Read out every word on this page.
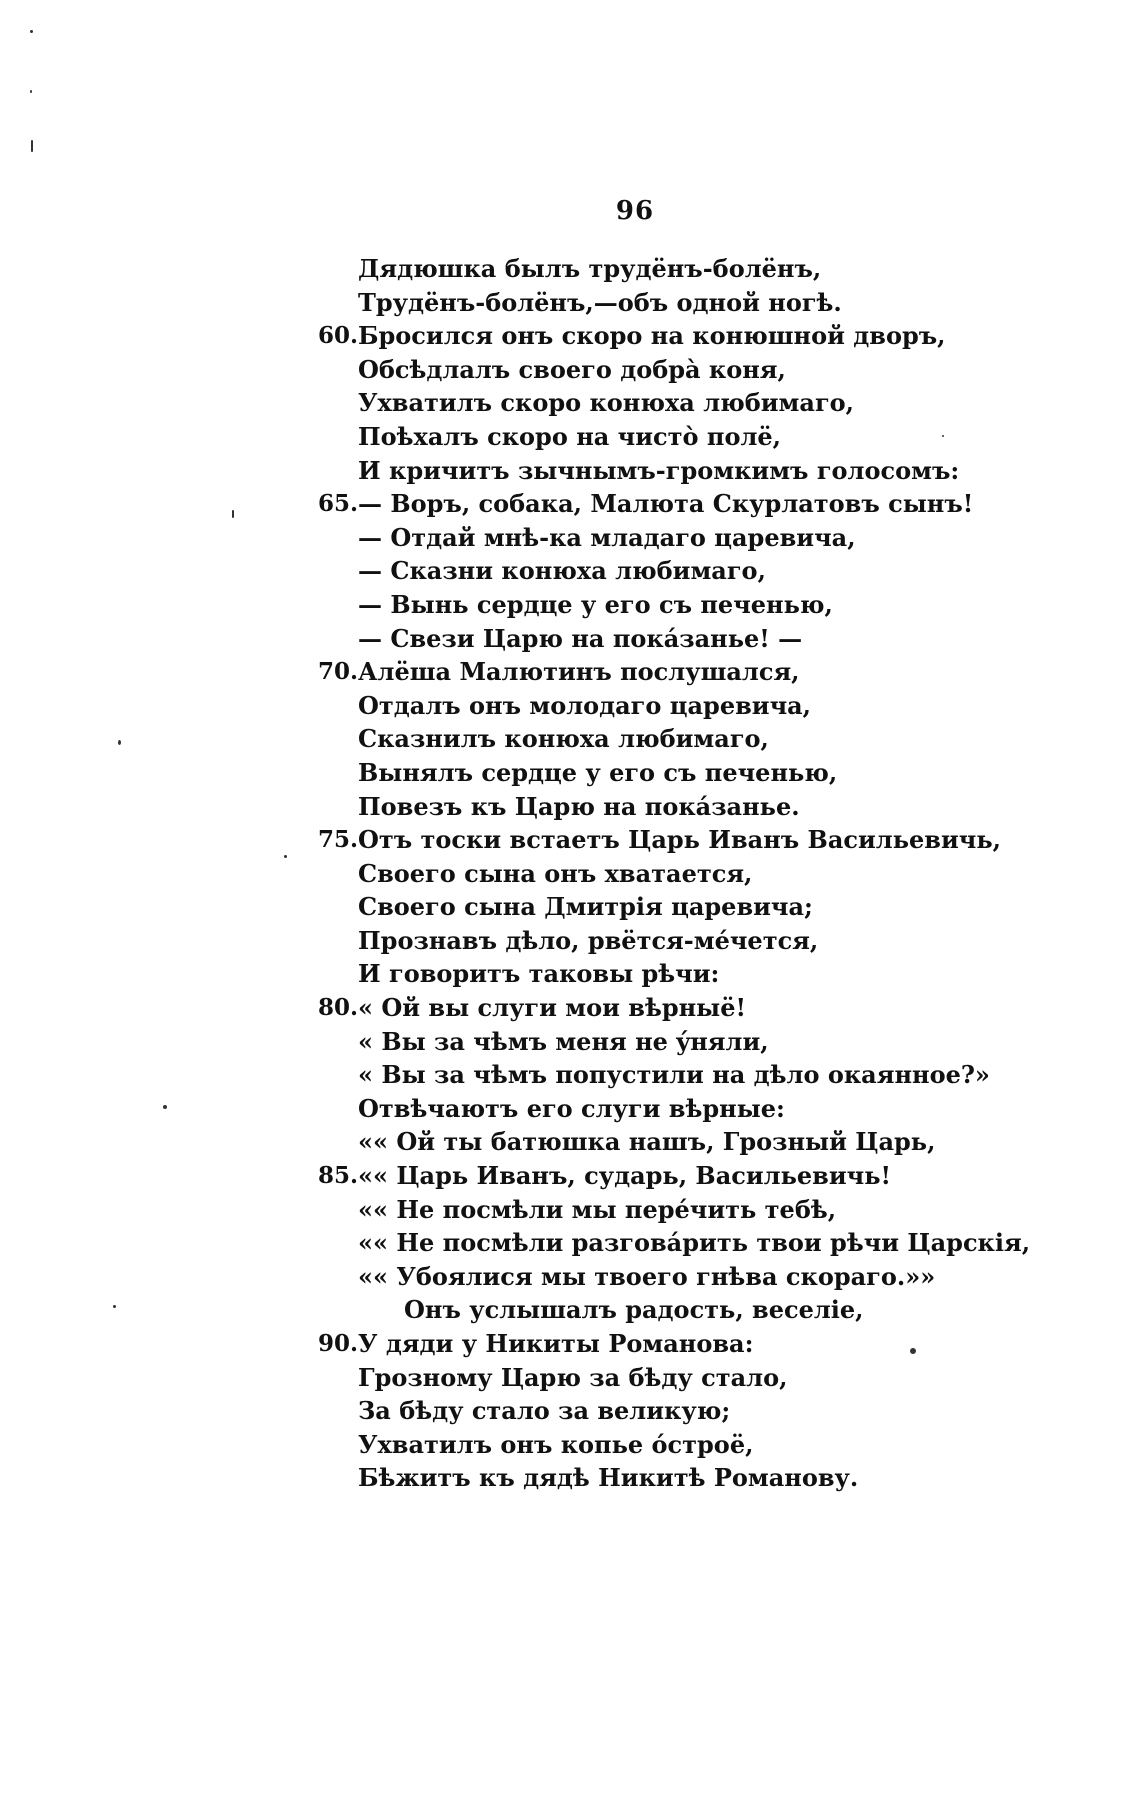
96
Дядюшка былъ трудёнъ-болёнъ,
Трудёнъ-болёнъ,—объ одной ногѣ.
60. Бросился онъ скоро на конюшной дворъ,
Обсѣдлалъ своего добрà коня,
Ухватилъ скоро конюха любимаго,
Поѣхалъ скоро на чистò полё,
И кричитъ зычнымъ-громкимъ голосомъ:
65. — Воръ, собака, Малюта Скурлатовъ сынъ!
— Отдай мнѣ-ка младаго царевича,
— Сказни конюха любимаго,
— Вынь сердце у его съ печенью,
— Свези Царю на покáзанье! —
70. Алёша Малютинъ послушался,
Отдалъ онъ молодаго царевича,
Сказнилъ конюха любимаго,
Вынялъ сердце у его съ печенью,
Повезъ къ Царю на покáзанье.
75. Отъ тоски встаетъ Царь Иванъ Васильевичь,
Своего сына онъ хватается,
Своего сына Дмитрія царевича;
Прознавъ дѣло, рвётся-мéчется,
И говоритъ таковы рѣчи:
80. « Ой вы слуги мои вѣрныё!
« Вы за чѣмъ меня не ýняли,
« Вы за чѣмъ попустили на дѣло окаянное?»
Отвѣчаютъ его слуги вѣрные:
«« Ой ты батюшка нашъ, Грозный Царь,
85. «« Царь Иванъ, сударь, Васильевичь!
«« Не посмѣли мы перéчить тебѣ,
«« Не посмѣли разговáрить твои рѣчи Царскія,
«« Убоялися мы твоего гнѣва скораго.»»
Онъ услышалъ радость, веселіе,
90. У дяди у Никиты Романова:
Грозному Царю за бѣду стало,
За бѣду стало за великую;
Ухватилъ онъ копье óстроё,
Бѣжитъ къ дядѣ Никитѣ Романову.
